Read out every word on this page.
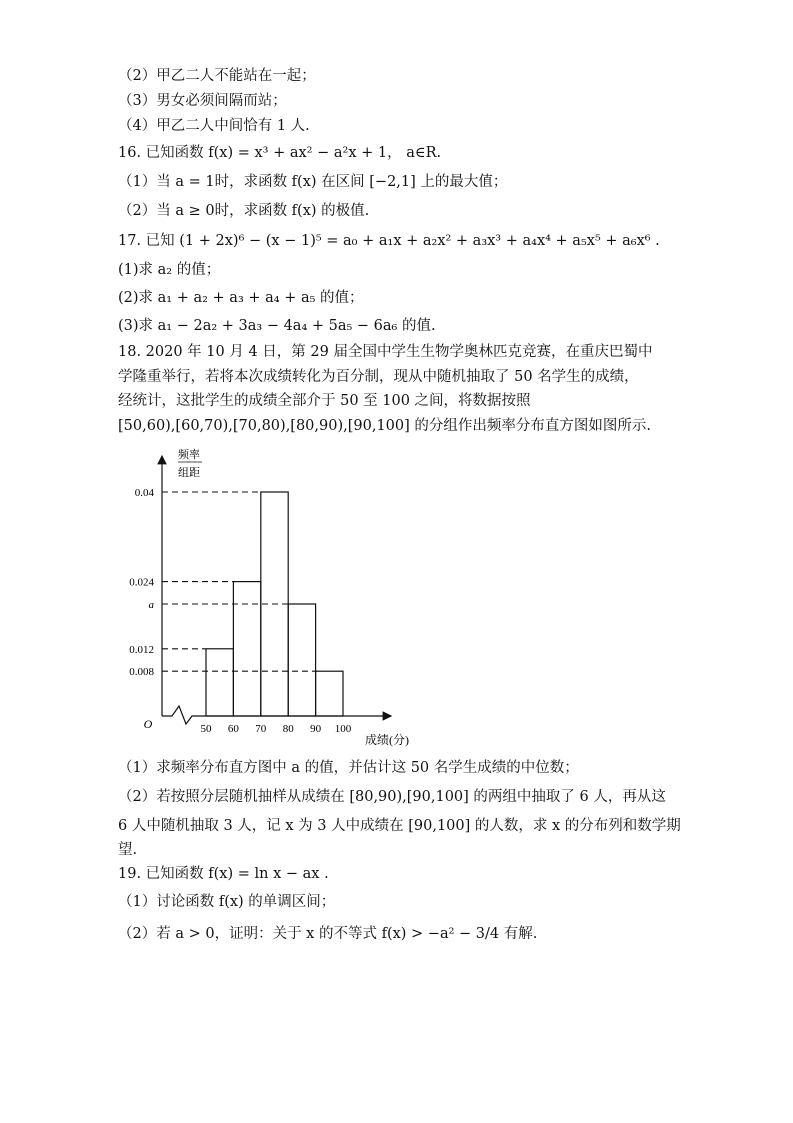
（2）甲乙二人不能站在一起；
（3）男女必须间隔而站；
（4）甲乙二人中间恰有 1 人.
16. 已知函数 f(x) = x³ + ax² − a²x + 1， a∈R.
（1）当 a = 1时，求函数 f(x) 在区间 [−2,1] 上的最大值；
（2）当 a ≥ 0时，求函数 f(x) 的极值.
17. 已知 (1 + 2x)⁶ − (x − 1)⁵ = a₀ + a₁x + a₂x² + a₃x³ + a₄x⁴ + a₅x⁵ + a₆x⁶ .
(1)求 a₂ 的值；
(2)求 a₁ + a₂ + a₃ + a₄ + a₅ 的值；
(3)求 a₁ − 2a₂ + 3a₃ − 4a₄ + 5a₅ − 6a₆ 的值.
18. 2020 年 10 月 4 日，第 29 届全国中学生生物学奥林匹克竞赛，在重庆巴蜀中
学隆重举行，若将本次成绩转化为百分制，现从中随机抽取了 50 名学生的成绩，
经统计，这批学生的成绩全部介于 50 至 100 之间，将数据按照
[50,60),[60,70),[70,80),[80,90),[90,100] 的分组作出频率分布直方图如图所示.
0.04
0.024
a
0.012
0.008
50 60 70 80 90 100
O
频率
组距
成绩(分)
（1）求频率分布直方图中 a 的值，并估计这 50 名学生成绩的中位数；
（2）若按照分层随机抽样从成绩在 [80,90),[90,100] 的两组中抽取了 6 人，再从这
6 人中随机抽取 3 人，记 x 为 3 人中成绩在 [90,100] 的人数，求 x 的分布列和数学期
望.
19. 已知函数 f(x) = ln x − ax .
（1）讨论函数 f(x) 的单调区间；
（2）若 a > 0，证明：关于 x 的不等式 f(x) > −a² − 3/4 有解.
